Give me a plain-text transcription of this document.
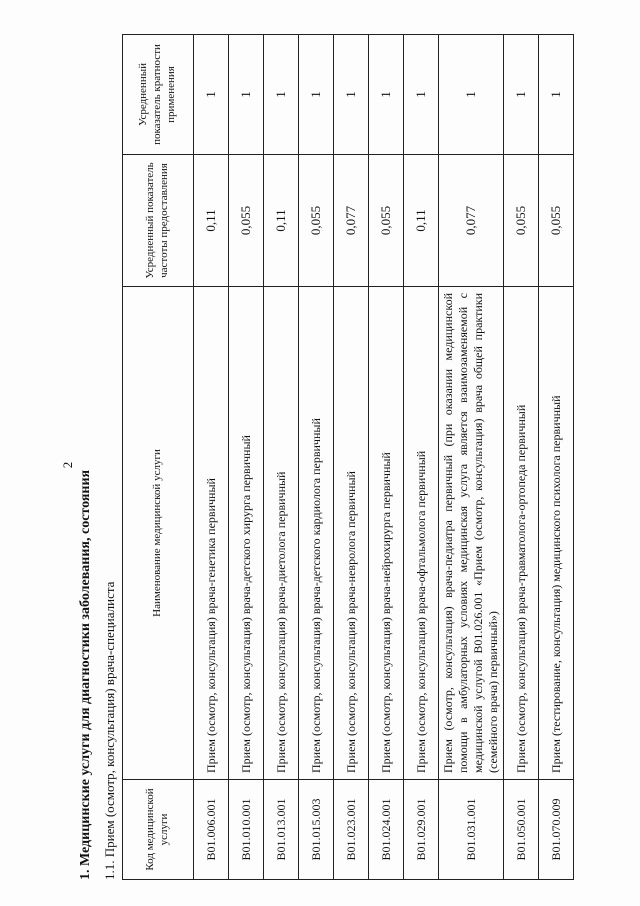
2
1. Медицинские услуги для диагностики заболевания, состояния 1.1. Прием (осмотр, консультация) врача-специалиста Код медицинской услуги	Наименование медицинской услуги	Усредненный показатель частоты предоставления	Усредненный показатель кратности применения
B01.006.001	Прием (осмотр, консультация) врача-генетика первичный	0,11	1
B01.010.001	Прием (осмотр, консультация) врача-детского хирурга первичный	0,055	1
B01.013.001	Прием (осмотр, консультация) врача-диетолога первичный	0,11	1
B01.015.003	Прием (осмотр, консультация) врача-детского кардиолога первичный	0,055	1
B01.023.001	Прием (осмотр, консультация) врача-невролога первичный	0,077	1
B01.024.001	Прием (осмотр, консультация) врача-нейрохирурга первичный	0,055	1
B01.029.001	Прием (осмотр, консультация) врача-офтальмолога первичный	0,11	1
B01.031.001	Прием (осмотр, консультация) врача-педиатра первичный (при оказании медицинской помощи в амбулаторных условиях медицинская услуга является взаимозаменяемой с медицинской услугой B01.026.001 «Прием (осмотр, консультация) врача общей практики (семейного врача) первичный»)	0,077	1
B01.050.001	Прием (осмотр, консультация) врача-травматолога-ортопеда первичный	0,055	1
B01.070.009	Прием (тестирование, консультация) медицинского психолога первичный	0,055	1
